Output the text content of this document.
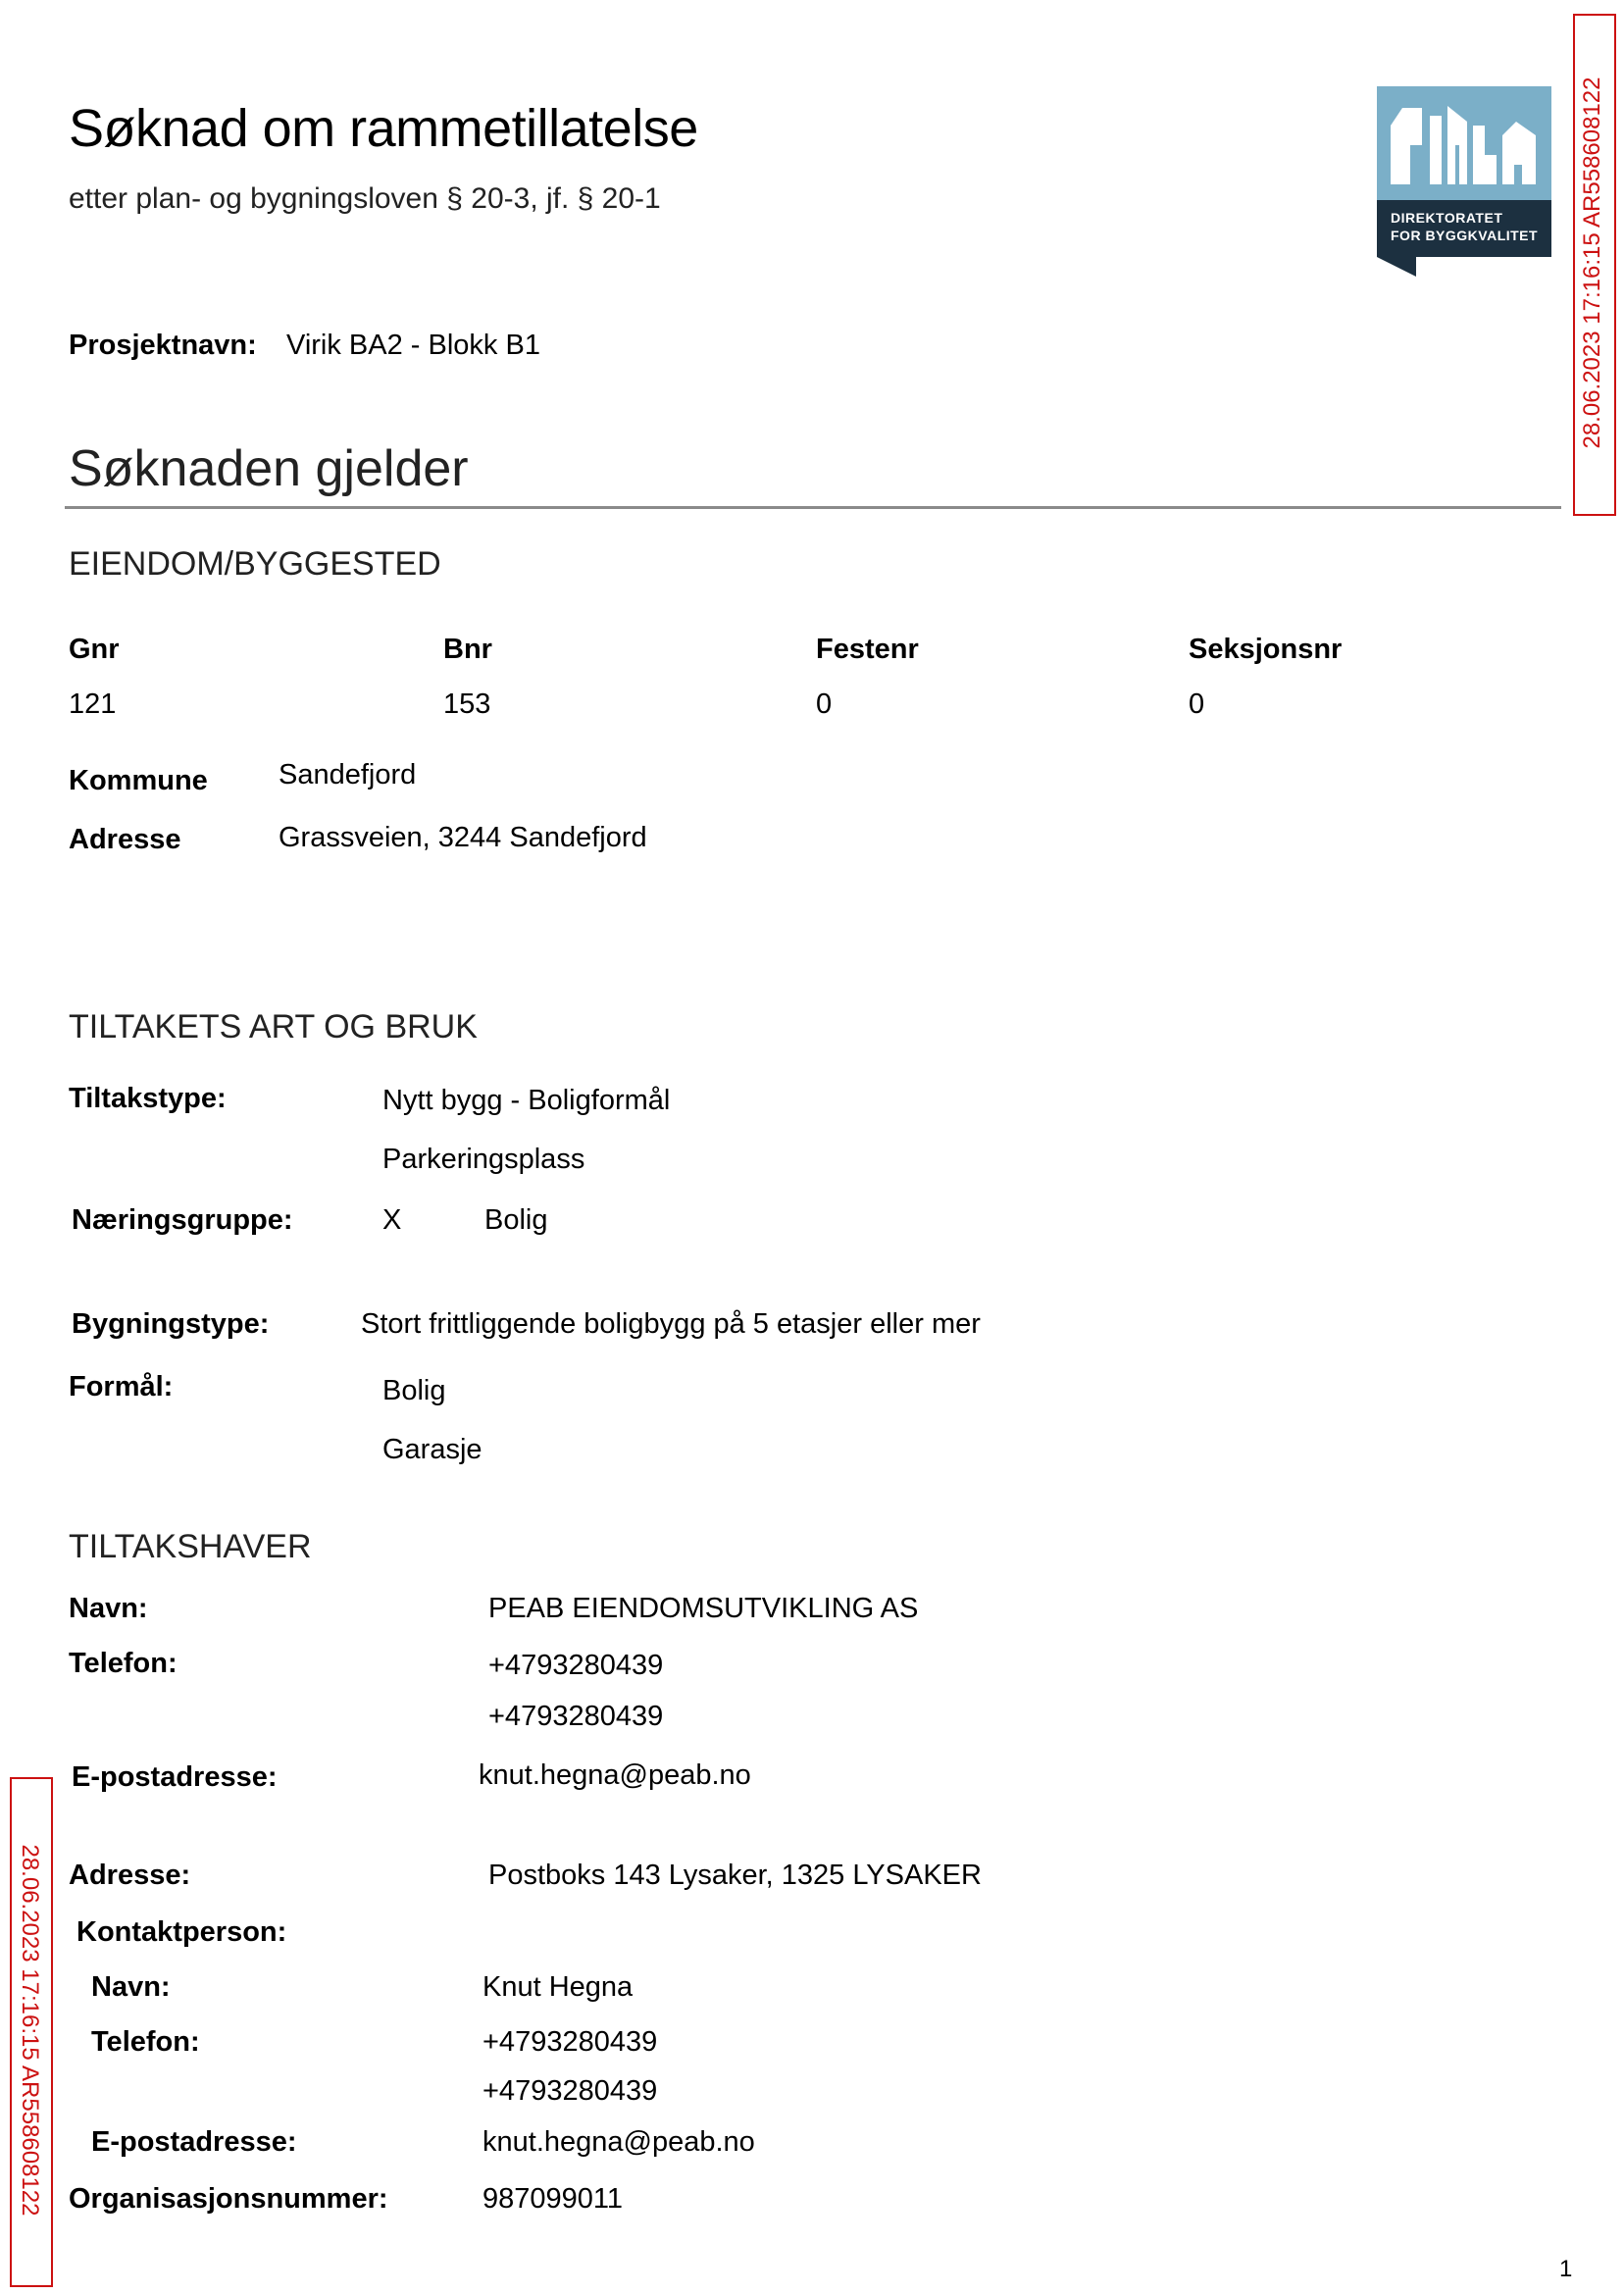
Søknad om rammetillatelse
etter plan- og bygningsloven § 20-3, jf. § 20-1
DIREKTORATET
FOR BYGGKVALITET
Prosjektnavn: Virik BA2 - Blokk B1
Søknaden gjelder
EIENDOM/BYGGESTED
Gnr	Bnr	Festenr	Seksjonsnr
121	153	0	0
Kommune Sandefjord
Adresse	Grassveien, 3244 Sandefjord
TILTAKETS ART OG BRUK
Tiltakstype:	Nytt bygg - Boligformål
Parkeringsplass
Næringsgruppe:	X	Bolig
Bygningstype:	Stort frittliggende boligbygg på 5 etasjer eller mer
Formål:	Bolig
Garasje
TILTAKSHAVER
Navn:	PEAB EIENDOMSUTVIKLING AS
Telefon:	+4793280439
+4793280439
E-postadresse:	knut.hegna@peab.no
Adresse:	Postboks 143 Lysaker, 1325 LYSAKER
Kontaktperson:
Navn:	Knut Hegna
Telefon:	+4793280439
+4793280439
E-postadresse:	knut.hegna@peab.no
Organisasjonsnummer:	987099011
1
28.06.2023 17:16:15 AR558608122
28.06.2023 17:16:15 AR558608122
